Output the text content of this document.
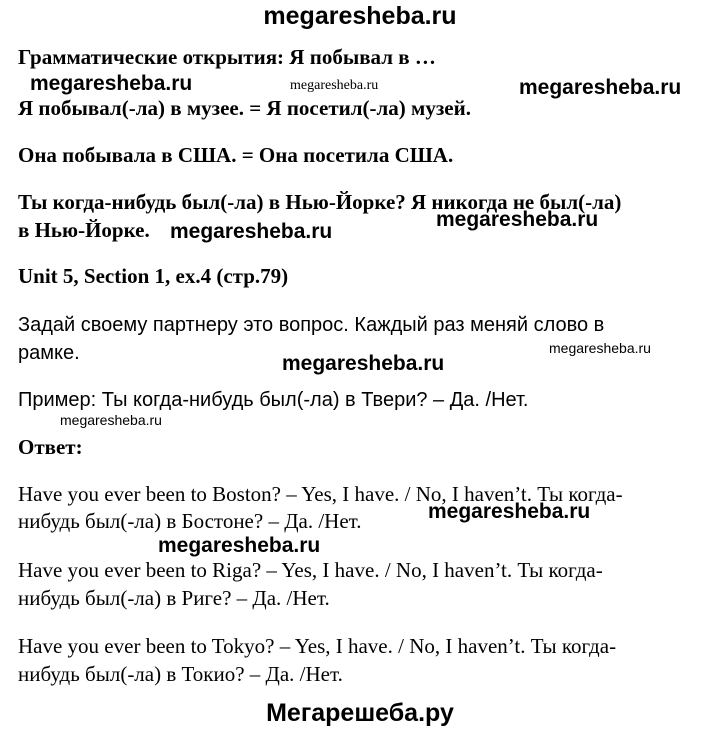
megaresheba.ru
Грамматические открытия: Я побывал в …
megaresheba.ru	megaresheba.ru	megaresheba.ru
Я побывал(-ла) в музее. = Я посетил(-ла) музей.
Она побывала в США. = Она посетила США.
Ты когда-нибудь был(-ла) в Нью-Йорке? Я никогда не был(-ла)
megaresheba.ru
в Нью-Йорке. megaresheba.ru
Unit 5, Section 1, ex.4 (стр.79)
Задай своему партнеру это вопрос. Каждый раз меняй слово в
рамке.	megaresheba.ru
megaresheba.ru
Пример: Ты когда-нибудь был(-ла) в Твери? – Да. /Нет.
megaresheba.ru
Ответ:
Have you ever been to Boston? – Yes, I have. / No, I haven’t. Ты когда-
megaresheba.ru
нибудь был(-ла) в Бостоне? – Да. /Нет.
megaresheba.ru
Have you ever been to Riga? – Yes, I have. / No, I haven’t. Ты когда-
нибудь был(-ла) в Риге? – Да. /Нет.
Have you ever been to Tokyo? – Yes, I have. / No, I haven’t. Ты когда-
нибудь был(-ла) в Токио? – Да. /Нет.
Мегарешеба.ру
